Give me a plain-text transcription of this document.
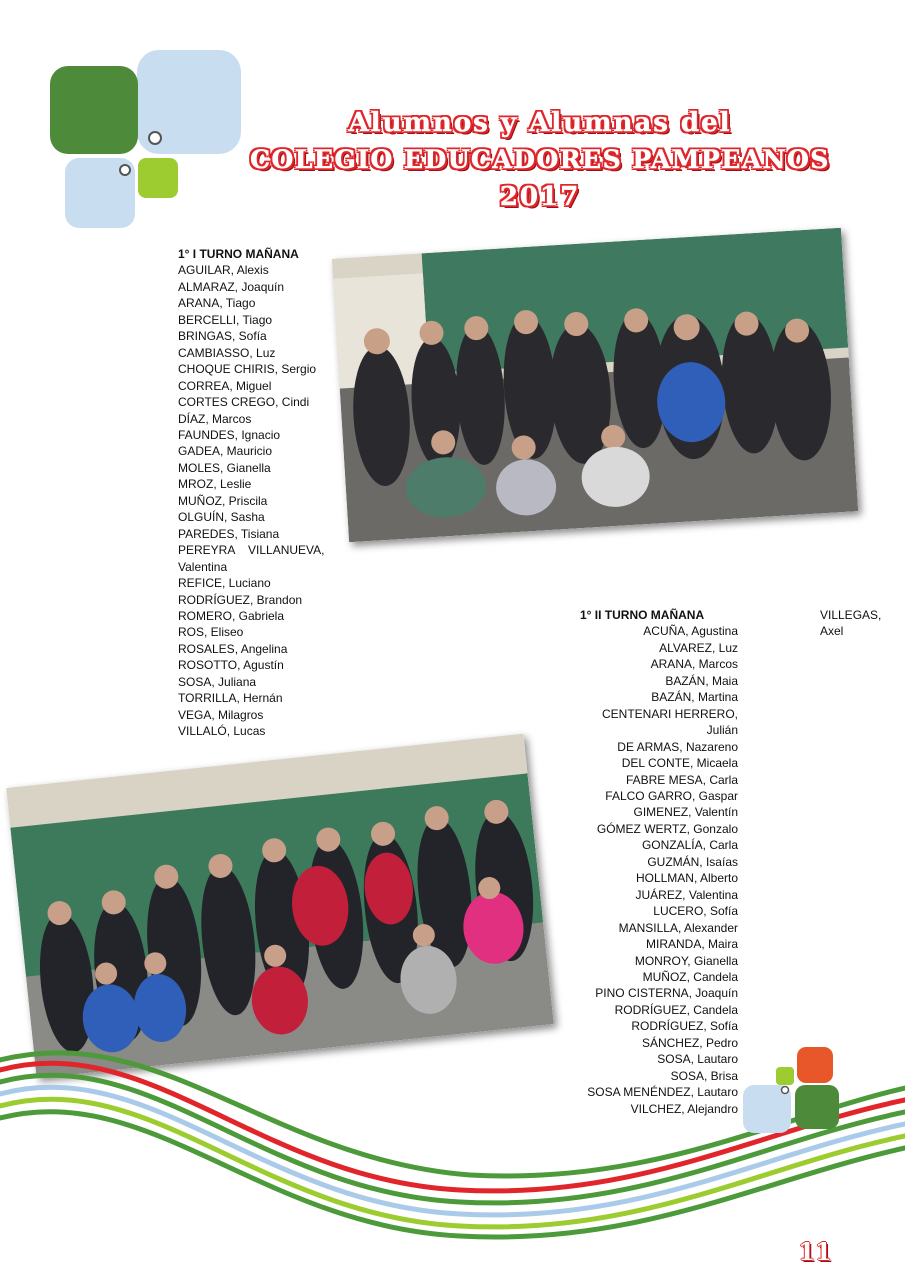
Alumnos y Alumnas del
COLEGIO EDUCADORES PAMPEANOS
2017
1° I TURNO MAÑANA
AGUILAR, Alexis
ALMARAZ, Joaquín
ARANA, Tiago
BERCELLI, Tiago
BRINGAS, Sofía
CAMBIASSO, Luz
CHOQUE CHIRIS, Sergio
CORREA, Miguel
CORTES CREGO, Cindi
DÍAZ, Marcos
FAUNDES, Ignacio
GADEA, Mauricio
MOLES, Gianella
MROZ, Leslie
MUÑOZ, Priscila
OLGUÍN, Sasha
PAREDES, Tisiana
PEREYRA    VILLANUEVA,
Valentina
REFICE, Luciano
RODRÍGUEZ, Brandon
ROMERO, Gabriela
ROS, Eliseo
ROSALES, Angelina
ROSOTTO, Agustín
SOSA, Juliana
TORRILLA, Hernán
VEGA, Milagros
VILLALÓ, Lucas
1° II TURNO MAÑANA
ACUÑA, Agustina
ALVAREZ, Luz
ARANA, Marcos
BAZÁN, Maia
BAZÁN, Martina
CENTENARI HERRERO,
Julián
DE ARMAS, Nazareno
DEL CONTE, Micaela
FABRE MESA, Carla
FALCO GARRO, Gaspar
GIMENEZ, Valentín
GÓMEZ WERTZ, Gonzalo
GONZALÍA, Carla
GUZMÁN, Isaías
HOLLMAN, Alberto
JUÁREZ, Valentina
LUCERO, Sofía
MANSILLA, Alexander
MIRANDA, Maira
MONROY, Gianella
MUÑOZ, Candela
PINO CISTERNA, Joaquín
RODRÍGUEZ, Candela
RODRÍGUEZ, Sofía
SÁNCHEZ, Pedro
SOSA, Lautaro
SOSA, Brisa
SOSA MENÉNDEZ, Lautaro
VILCHEZ, Alejandro
VILLEGAS, Axel
11
